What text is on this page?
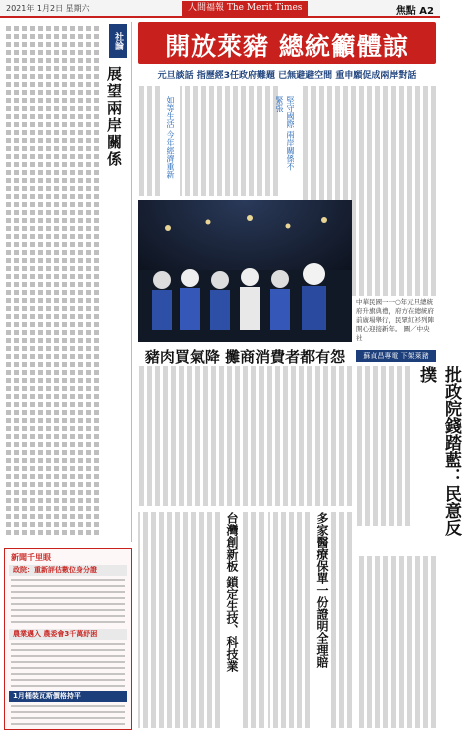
2021年 1月2日 星期六	人間福報 The Merit Times	焦點 A2
社論
展望兩岸關係
開放萊豬 總統籲體諒
元旦談話 指歷經3任政府難題 已無避避空間 重申願促成兩岸對話
堅守國際 兩岸關係不緊張
如等生活 今年經濟重新
中華民國一一○年元旦總統府升旗典禮，府方在總統府前廣場舉行，民眾紅衫列陣開心迎接新年。 圖／中央社
豬肉買氣降 攤商消費者都有怨	蘇貞昌專電 下架萊豬
批政院錢踏藍：民意反撲
多家醫療保單一份證明全理賠
台灣創新板 鎖定生技、科技業
新聞千里眼
政院：重新評估數位身分證
農業邁入 農委會3千萬紓困
1月桶裝瓦斯價格持平
